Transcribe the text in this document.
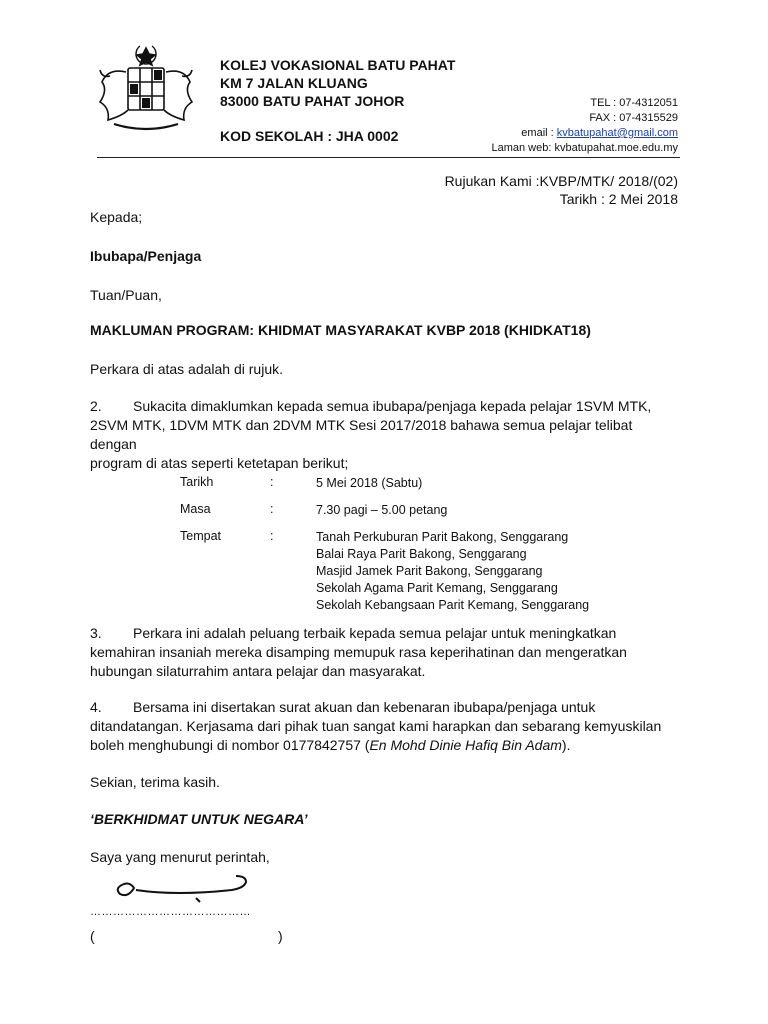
KOLEJ VOKASIONAL BATU PAHAT
KM 7 JALAN KLUANG
83000 BATU PAHAT JOHOR
KOD SEKOLAH : JHA 0002
TEL : 07-4312051
FAX : 07-4315529
email : kvbatupahat@gmail.com
Laman web: kvbatupahat.moe.edu.my
Rujukan Kami :KVBP/MTK/ 2018/(02)
Tarikh : 2 Mei 2018
Kepada;
Ibubapa/Penjaga
Tuan/Puan,
MAKLUMAN PROGRAM: KHIDMAT MASYARAKAT KVBP 2018 (KHIDKAT18)
Perkara di atas adalah di rujuk.
2. Sukacita dimaklumkan kepada semua ibubapa/penjaga kepada pelajar 1SVM MTK,
2SVM MTK, 1DVM MTK dan 2DVM MTK Sesi 2017/2018 bahawa semua pelajar telibat dengan
program di atas seperti ketetapan berikut;
Tarikh	:	5 Mei 2018 (Sabtu)
Masa	:	7.30 pagi – 5.00 petang
Tempat	:	Tanah Perkuburan Parit Bakong, Senggarang
Balai Raya Parit Bakong, Senggarang
Masjid Jamek Parit Bakong, Senggarang
Sekolah Agama Parit Kemang, Senggarang
Sekolah Kebangsaan Parit Kemang, Senggarang
3. Perkara ini adalah peluang terbaik kepada semua pelajar untuk meningkatkan
kemahiran insaniah mereka disamping memupuk rasa keperihatinan dan mengeratkan
hubungan silaturrahim antara pelajar dan masyarakat.
4. Bersama ini disertakan surat akuan dan kebenaran ibubapa/penjaga untuk
ditandatangan. Kerjasama dari pihak tuan sangat kami harapkan dan sebarang kemyuskilan
boleh menghubungi di nombor 0177842757 (En Mohd Dinie Hafiq Bin Adam).
Sekian, terima kasih.
‘BERKHIDMAT UNTUK NEGARA’
Saya yang menurut perintah,
……………………………………
(	)
